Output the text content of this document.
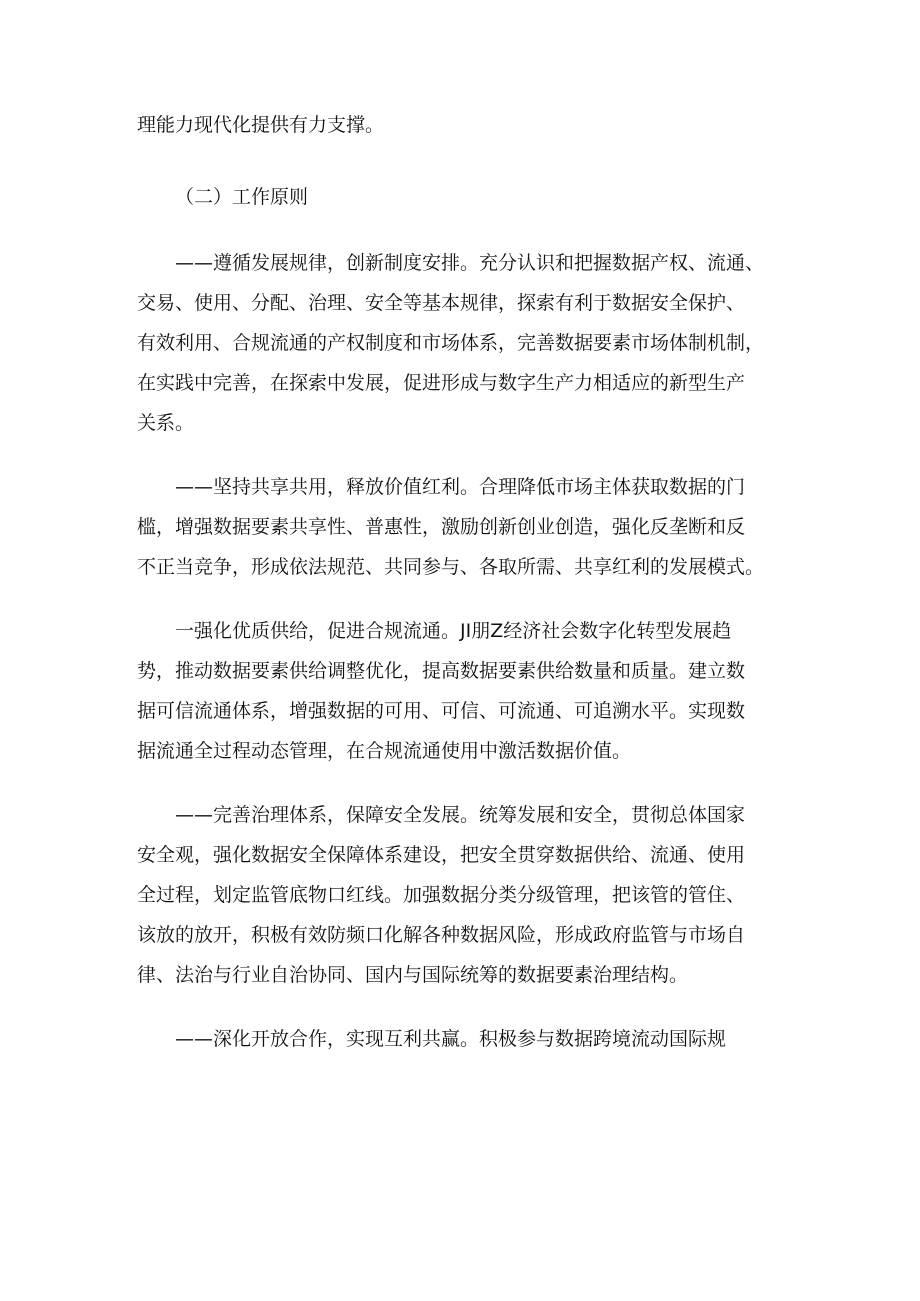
理能力现代化提供有力支撑。
（二）工作原则
——遵循发展规律，创新制度安排。充分认识和把握数据产权、流通、
交易、使用、分配、治理、安全等基本规律，探索有利于数据安全保护、
有效利用、合规流通的产权制度和市场体系，完善数据要素市场体制机制，
在实践中完善，在探索中发展，促进形成与数字生产力相适应的新型生产
关系。
——坚持共享共用，释放价值红利。合理降低市场主体获取数据的门
槛，增强数据要素共享性、普惠性，激励创新创业创造，强化反垄断和反
不正当竞争，形成依法规范、共同参与、各取所需、共享红利的发展模式。
一强化优质供给，促进合规流通。JI朋Z经济社会数字化转型发展趋
势，推动数据要素供给调整优化，提高数据要素供给数量和质量。建立数
据可信流通体系，增强数据的可用、可信、可流通、可追溯水平。实现数
据流通全过程动态管理，在合规流通使用中激活数据价值。
——完善治理体系，保障安全发展。统筹发展和安全，贯彻总体国家
安全观，强化数据安全保障体系建设，把安全贯穿数据供给、流通、使用
全过程，划定监管底物口红线。加强数据分类分级管理，把该管的管住、
该放的放开，积极有效防频口化解各种数据风险，形成政府监管与市场自
律、法治与行业自治协同、国内与国际统筹的数据要素治理结构。
——深化开放合作，实现互利共赢。积极参与数据跨境流动国际规
